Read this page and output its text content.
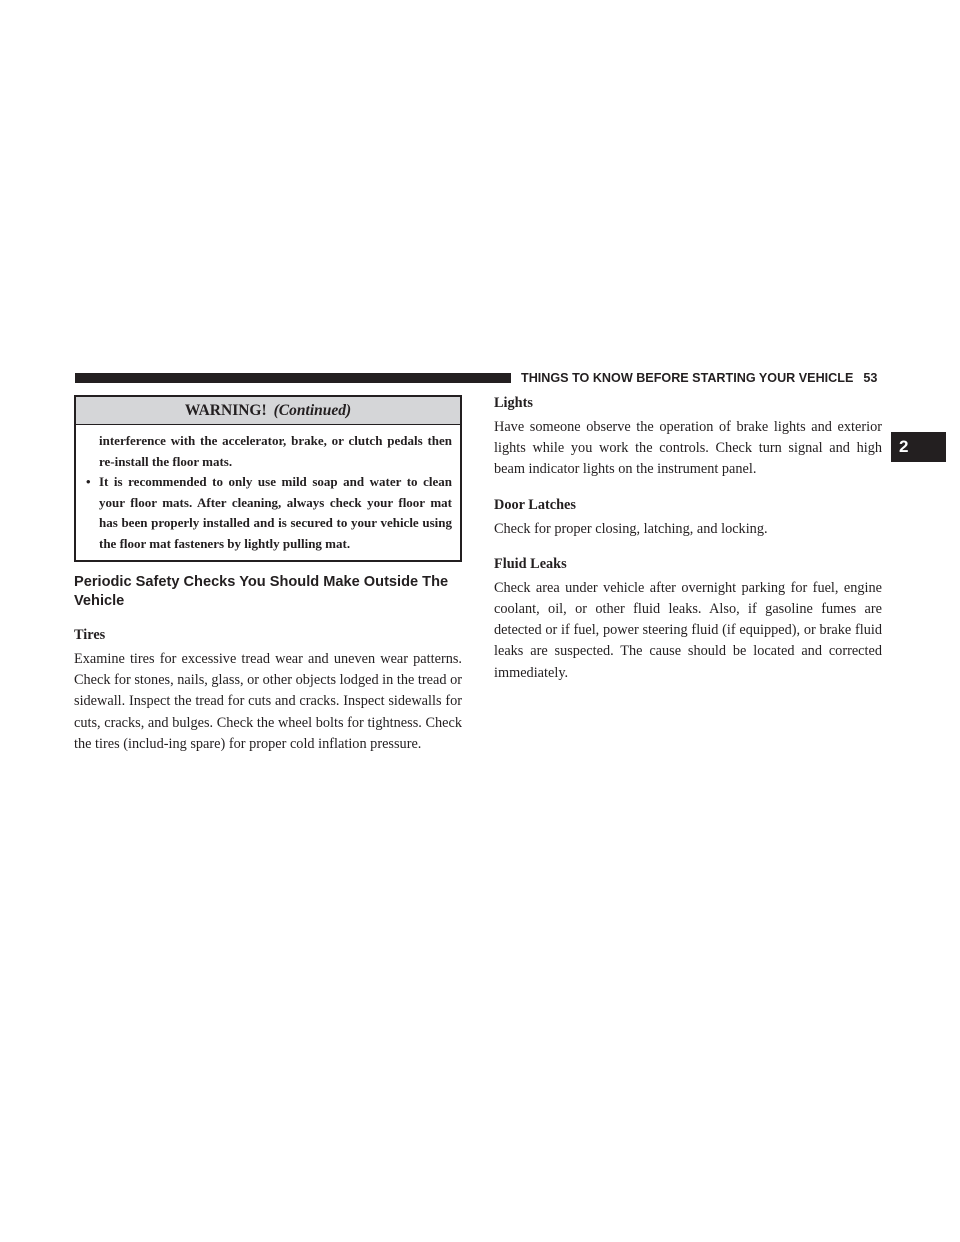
THINGS TO KNOW BEFORE STARTING YOUR VEHICLE 53
2
WARNING! (Continued)
interference with the accelerator, brake, or clutch pedals then re-install the floor mats.
• It is recommended to only use mild soap and water to clean your floor mats. After cleaning, always check your floor mat has been properly installed and is secured to your vehicle using the floor mat fasteners by lightly pulling mat.
Periodic Safety Checks You Should Make Outside The Vehicle
Tires

Examine tires for excessive tread wear and uneven wear patterns. Check for stones, nails, glass, or other objects lodged in the tread or sidewall. Inspect the tread for cuts and cracks. Inspect sidewalls for cuts, cracks, and bulges. Check the wheel bolts for tightness. Check the tires (includ-ing spare) for proper cold inflation pressure.

Lights

Have someone observe the operation of brake lights and exterior lights while you work the controls. Check turn signal and high beam indicator lights on the instrument panel.

Door Latches

Check for proper closing, latching, and locking.

Fluid Leaks

Check area under vehicle after overnight parking for fuel, engine coolant, oil, or other fluid leaks. Also, if gasoline fumes are detected or if fuel, power steering fluid (if equipped), or brake fluid leaks are suspected. The cause should be located and corrected immediately.
